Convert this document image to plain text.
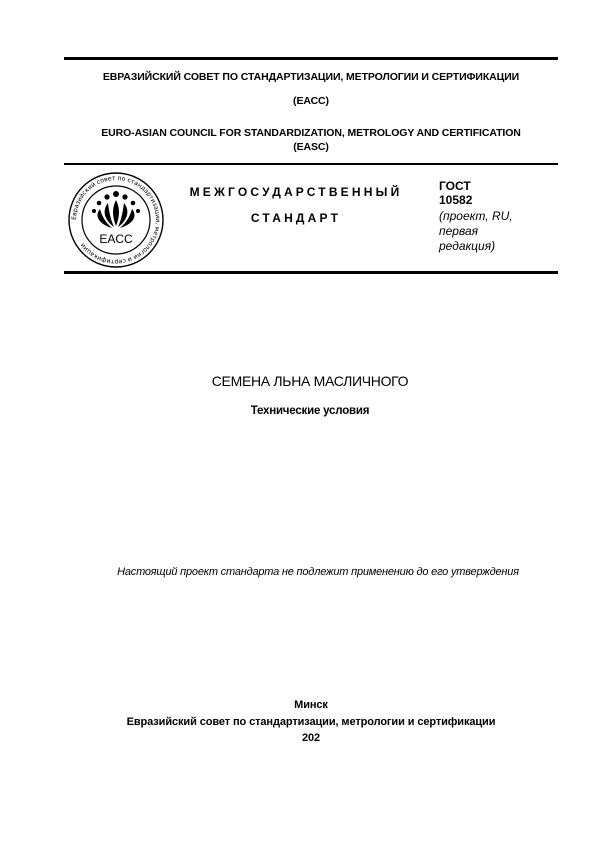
ЕВРАЗИЙСКИЙ СОВЕТ ПО СТАНДАРТИЗАЦИИ, МЕТРОЛОГИИ И СЕРТИФИКАЦИИ
(ЕАСС)
EURO-ASIAN COUNCIL FOR STANDARDIZATION, METROLOGY AND CERTIFICATION
(EASC)
Евразийский совет по стандартизации, метрологии и сертификации	EACC
МЕЖГОСУДАРСТВЕННЫЙ
СТАНДАРТ
ГОСТ
10582
(проект, RU,
первая
редакция)
СЕМЕНА ЛЬНА МАСЛИЧНОГО
Технические условия
Настоящий проект стандарта не подлежит применению до его утверждения
Минск
Евразийский совет по стандартизации, метрологии и сертификации
202
